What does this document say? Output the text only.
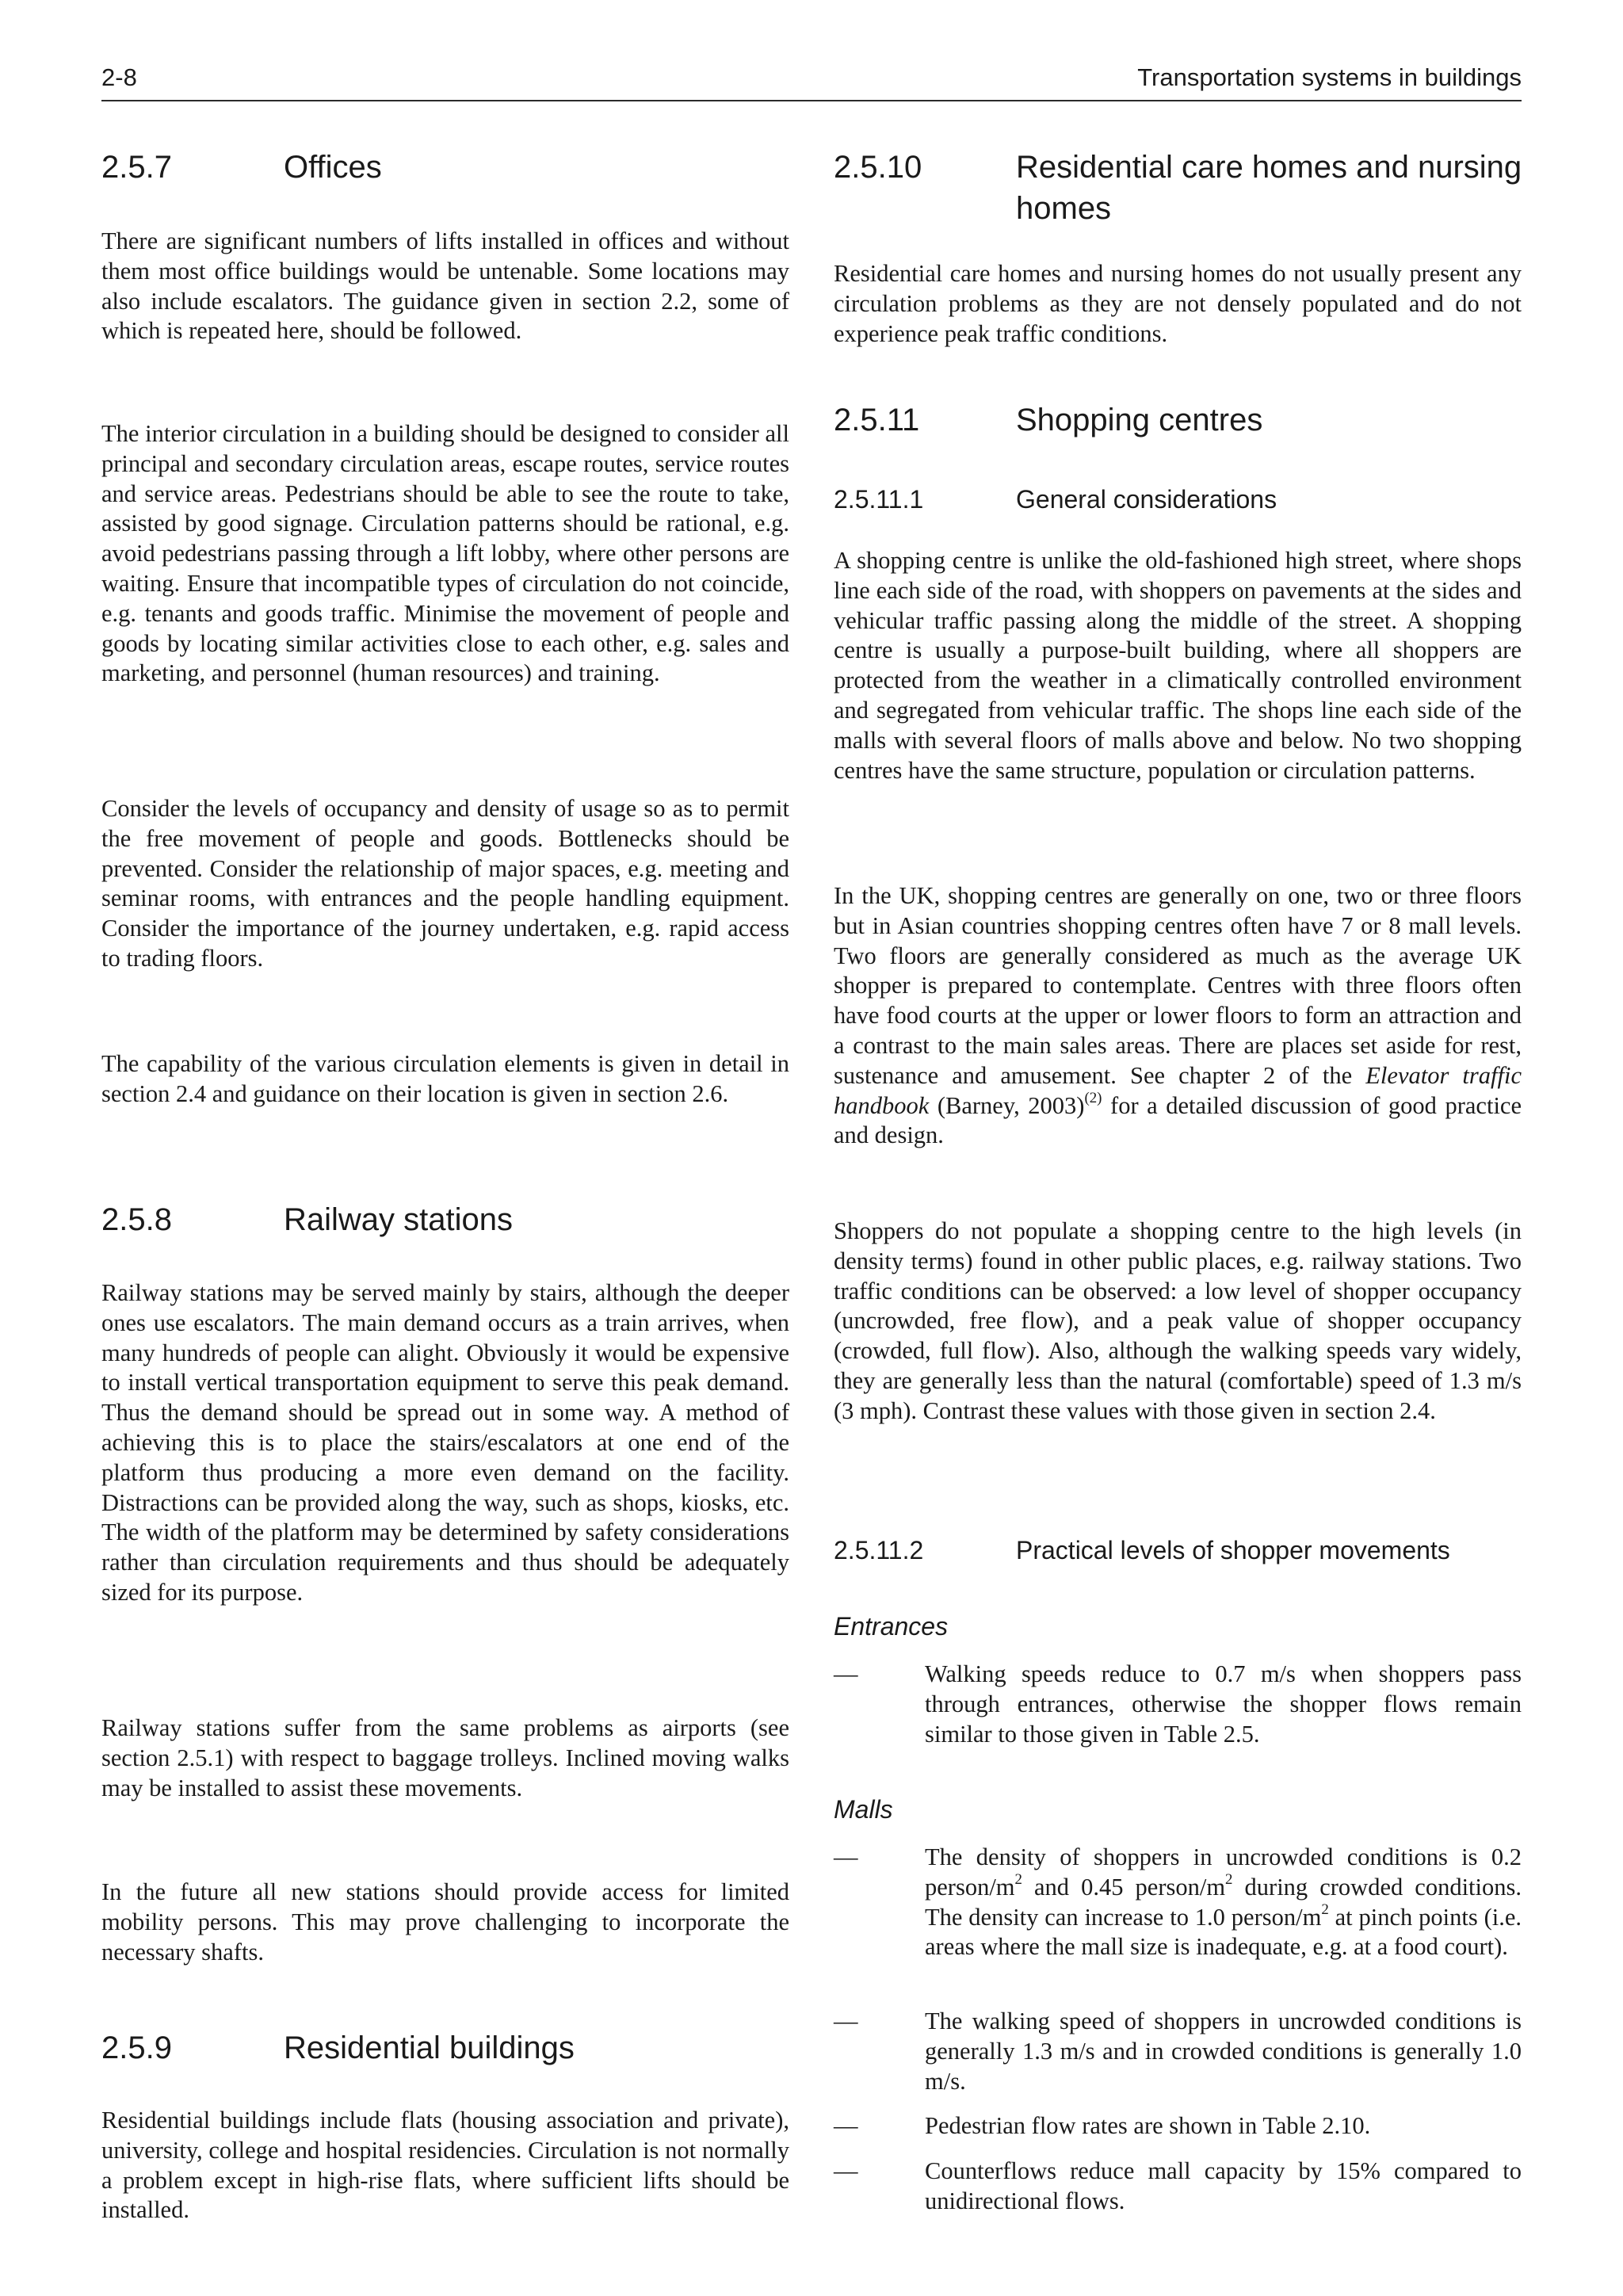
2-8	Transportation systems in buildings
2.5.7	Offices

There are significant numbers of lifts installed in offices and without them most office buildings would be untenable. Some locations may also include escalators. The guidance given in section 2.2, some of which is repeated here, should be followed.

The interior circulation in a building should be designed to consider all principal and secondary circulation areas, escape routes, service routes and service areas. Pedestrians should be able to see the route to take, assisted by good signage. Circulation patterns should be rational, e.g. avoid pedestrians passing through a lift lobby, where other persons are waiting. Ensure that incompatible types of circulation do not coincide, e.g. tenants and goods traffic. Minimise the movement of people and goods by locating similar activities close to each other, e.g. sales and marketing, and personnel (human resources) and training.

Consider the levels of occupancy and density of usage so as to permit the free movement of people and goods. Bottlenecks should be prevented. Consider the relationship of major spaces, e.g. meeting and seminar rooms, with entrances and the people handling equipment. Consider the importance of the journey undertaken, e.g. rapid access to trading floors.

The capability of the various circulation elements is given in detail in section 2.4 and guidance on their location is given in section 2.6.

2.5.8	Railway stations

Railway stations may be served mainly by stairs, although the deeper ones use escalators. The main demand occurs as a train arrives, when many hundreds of people can alight. Obviously it would be expensive to install vertical transportation equipment to serve this peak demand. Thus the demand should be spread out in some way. A method of achieving this is to place the stairs/escalators at one end of the platform thus producing a more even demand on the facility. Distractions can be provided along the way, such as shops, kiosks, etc. The width of the platform may be determined by safety considerations rather than circulation requirements and thus should be adequately sized for its purpose.

Railway stations suffer from the same problems as airports (see section 2.5.1) with respect to baggage trolleys. Inclined moving walks may be installed to assist these movements.

In the future all new stations should provide access for limited mobility persons. This may prove challenging to incorporate the necessary shafts.

2.5.9	Residential buildings

Residential buildings include flats (housing association and private), university, college and hospital residencies. Circulation is not normally a problem except in high-rise flats, where sufficient lifts should be installed.

2.5.10	Residential care homes and nursing homes

Residential care homes and nursing homes do not usually present any circulation problems as they are not densely populated and do not experience peak traffic conditions.

2.5.11	Shopping centres
2.5.11.1	General considerations

A shopping centre is unlike the old-fashioned high street, where shops line each side of the road, with shoppers on pavements at the sides and vehicular traffic passing along the middle of the street. A shopping centre is usually a purpose-built building, where all shoppers are protected from the weather in a climatically controlled environment and segregated from vehicular traffic. The shops line each side of the malls with several floors of malls above and below. No two shopping centres have the same structure, population or circulation patterns.

In the UK, shopping centres are generally on one, two or three floors but in Asian countries shopping centres often have 7 or 8 mall levels. Two floors are generally considered as much as the average UK shopper is prepared to contemplate. Centres with three floors often have food courts at the upper or lower floors to form an attraction and a contrast to the main sales areas. There are places set aside for rest, sustenance and amusement. See chapter 2 of the Elevator traffic handbook (Barney, 2003)$^{(2)}$ for a detailed discussion of good practice and design.

Shoppers do not populate a shopping centre to the high levels (in density terms) found in other public places, e.g. railway stations. Two traffic conditions can be observed: a low level of shopper occupancy (uncrowded, free flow), and a peak value of shopper occupancy (crowded, full flow). Also, although the walking speeds vary widely, they are generally less than the natural (comfortable) speed of 1.3 m/s (3 mph). Contrast these values with those given in section 2.4.

2.5.11.2	Practical levels of shopper movements

Entrances

—	Walking speeds reduce to 0.7 m/s when shoppers pass through entrances, otherwise the shopper flows remain similar to those given in Table 2.5.

Malls

—	The density of shoppers in uncrowded conditions is 0.2 person/$m^2$ and 0.45 person/$m^2$ during crowded conditions. The density can increase to 1.0 person/$m^2$ at pinch points (i.e. areas where the mall size is inadequate, e.g. at a food court).

—	The walking speed of shoppers in uncrowded conditions is generally 1.3 m/s and in crowded conditions is generally 1.0 m/s.

—	Pedestrian flow rates are shown in Table 2.10.

—	Counterflows reduce mall capacity by 15% compared to unidirectional flows.
